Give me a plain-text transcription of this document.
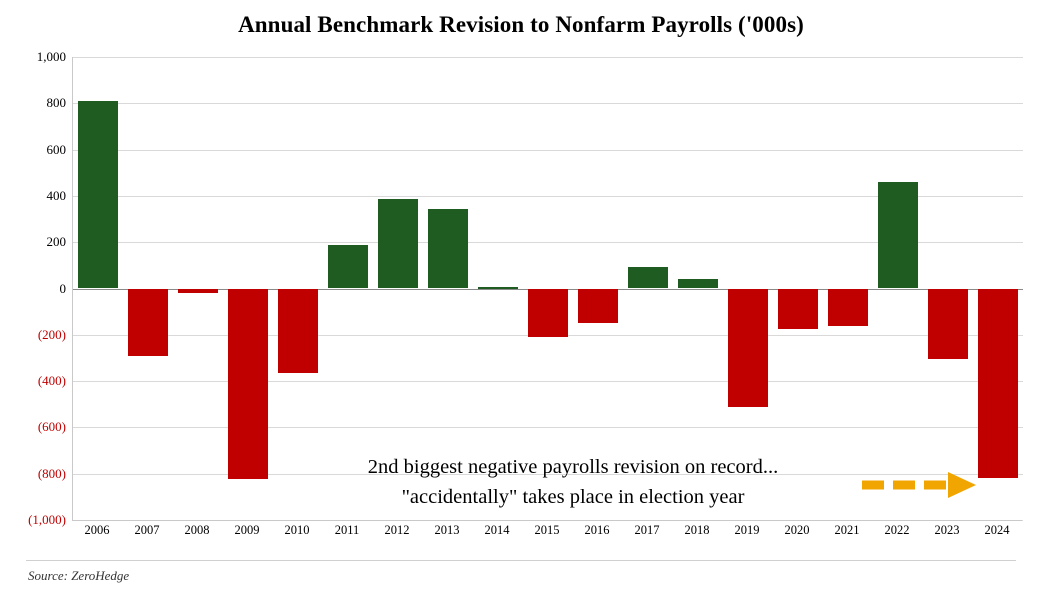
Annual Benchmark Revision to Nonfarm Payrolls ('000s)
2nd biggest negative payrolls revision on record...
"accidentally" takes place in election year
Source: ZeroHedge
1,000
800
600
400
200
0
(200)
(400)
(600)
(800)
(1,000)
2006 2007 2008 2009 2010 2011 2012 2013 2014 2015 2016 2017 2018 2019 2020 2021 2022 2023 2024
